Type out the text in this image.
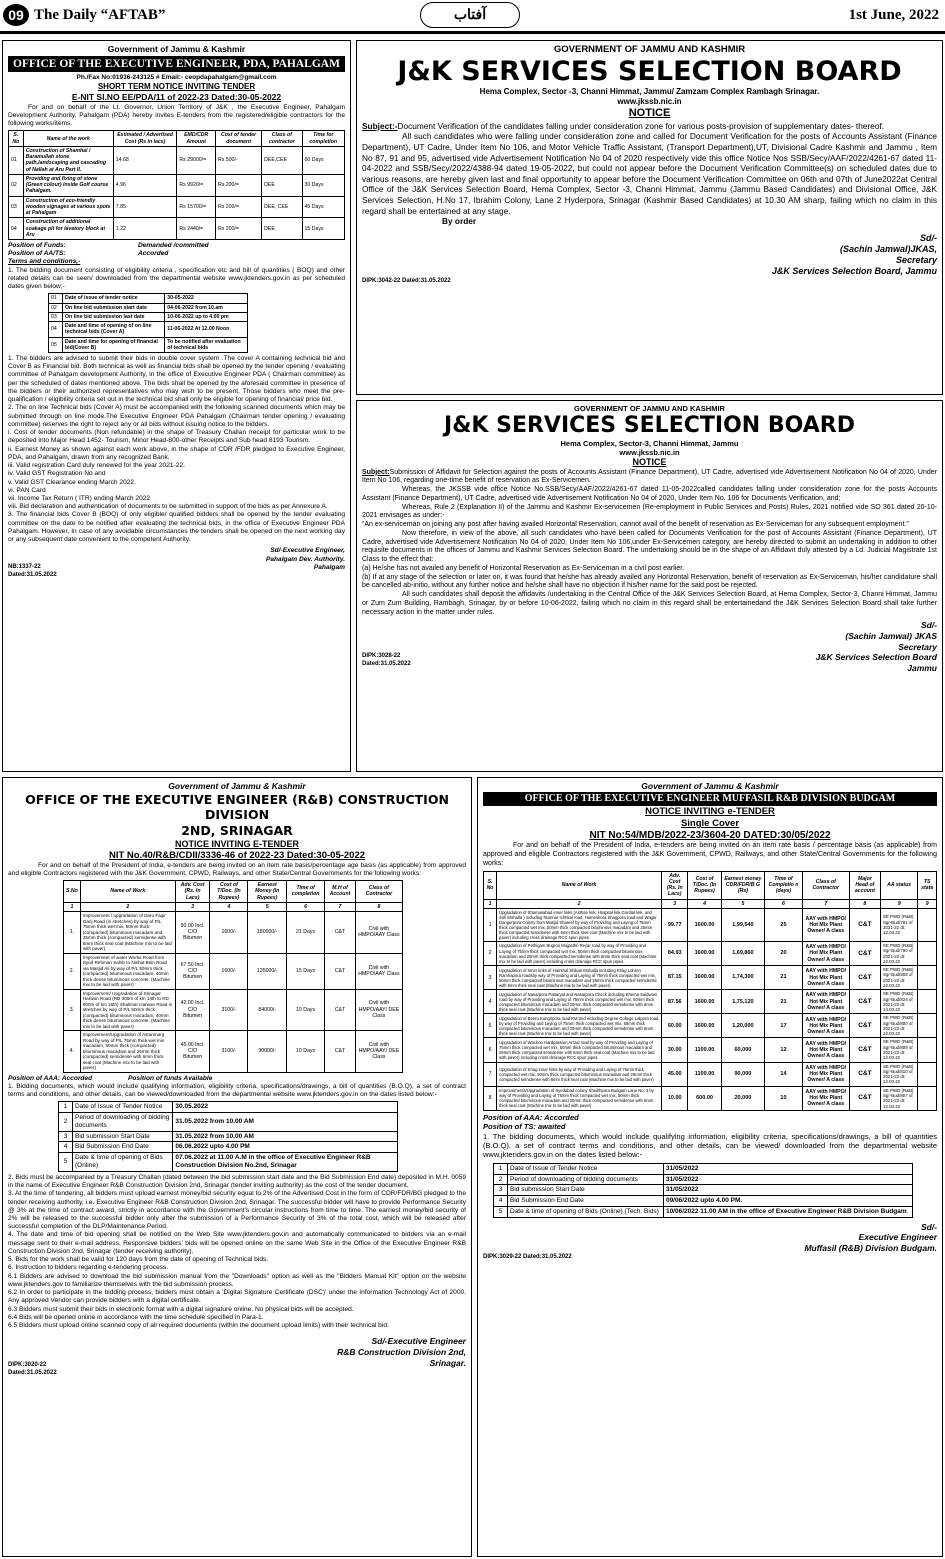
09 The Daily “AFTAB”	آفتاب	1st June, 2022
Government of Jammu & Kashmir
OFFICE OF THE EXECUTIVE ENGINEER, PDA, PAHALGAM
Ph./Fax No:01936-243125 # Email:- ceopdapahalgam@gmail.com
SHORT TERM NOTICE INVITING TENDER
E-NIT Sl.NO EE/PDA/11 of 2022-23 Dated:30-05-2022
For and on behalf of the Lt. Governor, Union Territory of J&K , the Executive Engineer, Pahalgam Development Authority, Pahalgam (PDA) hereby invites E-tenders from the registered/eligible contractors for the following works/items.
S. No	Name of the work	Estimated / Advertised Cost (Rs in lacs)	EMD/CDR Amount	Cost of tender document	Class of contractor	Time for completion
01	Construction of Shamhal / Baramullah stone path,landscaping and cascading of Nallah at Aru Part II.	14.68	Rs 29000/=	Rs 500/-	DEE,CEE	60 Days
02	Providing and fixing of stone (Green colour) inside Golf course Pahalgam.	4.96	Rs 9920/=	Rs 200/=	DEE	30 Days
03	Construction of eco-friendly wooden signages at various spots at Pahalgam	7.85	Rs 15700/=	Rs 200/=	DEE, CEE	45 Days
04	Construction of additional soakage pit for lavatory block at Aru	1.22	Rs 2440/=	Rs 200/=	DEE	15 Days
Position of Funds:	Demanded /committed
Position of AA/TS:	Accorded
Terms and conditions,-
1. The bidding document consisting of eligibility criteria , specification etc and bill of quantities ( BOQ) and other related details can be seen/ downloaded from the departmental website www.jktenders.gov.in as per scheduled dates given below;-
01	Date of issue of tender notice	30-05-2022
02	On line bid submission start date	04-06-2022 from 10.am
03	On line bid submission last date	10-06-2022 up to 4.00 pm
04	Date and time of opening of on line technical bids (Cover A)	11-06-2022 At 12.00 Noon
05	Date and time for opening of financial bid(Cover B)	To be notified after evaluation of technical bids
1. The bidders are advised to submit their bids in double cover system .The cover A containing technical bid and Cover B as Financial bid. Both technical as well as financial bids shall be opened by the tender opening / evaluating committee of Pahalgam development Authority, in the office of Executive Engineer PDA ( Chairman committee) as per the scheduled of dates mentioned above. The bids shall be opened by the aforesaid committee in presence of the bidders or their authorized representatives who may wish to be present. Those bidders who meet the pre-qualification / eligibility criteria set out in the technical bid shall only be eligible for opening of financial/ price bid.
2. The on line Technical bids (Cover A) must be accompanied with the following scanned documents which may be submitted through on line mode.The Executive Engineer PDA Pahalgam (Chairman tender opening / evaluating committee) reserves the right to reject any or all bids without issuing notice to the bidders.
i. Cost of tender documents (Non refundable) in the shape of Treasury Challan /receipt for particular work to be deposited into Major Head 1452- Tourism, Minor Head-800-other Receipts and Sub head 8193 Tourism.
ii. Earnest Money as shown against each work above, in the shape of CDR /FDR pledged to Executive Engineer, PDA, and Pahalgam, drawn from any recognized Bank.
iii. Valid registration Card duly renewed for the year 2021-22.
iv. Valid GST Registration No and
v. Valid GST Clearance ending March 2022.
vi. PAN Card
vii. Income Tax Return ( ITR) ending March 2022
viii. Bid declaration and authentication of documents to be submitted in support of the bids as per Annexure A.
3. The financial bids Cover B (BOQ) of only eligible/ qualified bidders shall be opened by the tender evaluating committee on the date to be notified after evaluating the technical bids, in the office of Executive Engineer PDA Pahalgam. However, In case of any avoidable circumstances the tenders shall be opened on the next working day or any subsequent date convenient to the competent Authority.
Sd/-Executive Engineer,
Pahalgam Dev. Authority.
NB:1337-22
Dated:31.05.2022
Pahalgam
GOVERNMENT OF JAMMU AND KASHMIR
J&K SERVICES SELECTION BOARD
Hema Complex, Sector -3, Channi Himmat, Jammu/ Zamzam Complex Rambagh Srinagar.
www.jkssb.nic.in
NOTICE
Subject:-Document Verification of the candidates falling under consideration zone for various posts-provision of supplementary dates- thereof.
All such candidates who were falling under consideration zone and called for Document Verification for the posts of Accounts Assistant (Finance Department), UT Cadre, Under Item No 106, and Motor Vehicle Traffic Assistant, (Transport Department),UT, Divisional Cadre Kashmir and Jammu , Item No 87, 91 and 95, advertised vide Advertisement Notification No 04 of 2020 respectively vide this office Notice Nos SSB/Secy/AAF/2022/4261-67 dated 11-04-2022 and SSB/Secy/2022/4388-94 dated 19-05-2022, but could not appear before the Document Verification Committee(s) on scheduled dates due to various reasons, are hereby given last and final opportunity to appear before the Document Verification Committee on 06th and 07th of June2022at Central Office of the J&K Services Selection Board, Hema Complex, Sector -3, Channi Himmat, Jammu (Jammu Based Candidates) and Divisional Office, J&K Services Selection, H.No 17, Ibrahim Colony, Lane 2 Hyderpora, Srinagar (Kashmir Based Candidates) at 10.30 AM sharp, failing which no claim in this regard shall be entertained at any stage.
By order
Sd/-
(Sachin Jamwal)JKAS,
Secretary
J&K Services Selection Board, Jammu
DIPK:3042-22 Dated:31.05.2022
GOVERNMENT OF JAMMU AND KASHMIR
J&K SERVICES SELECTION BOARD
Hema Complex, Sector-3, Channi Himmat, Jammu
www.jkssb.nic.in
NOTICE
Subject:Submission of Affidavit for Selection against the posts of Accounts Assistant (Finance Department), UT Cadre, advertised vide Advertisement Notification No 04 of 2020, Under Item No 106, regarding one-time benefit of reservation as Ex-Servicemen.
Whereas, the JKSSB vide office Notice No.SSB/Secy/AAF/2022/4261-67 dated 11-05-2022called candidates falling under consideration zone for the posts Accounts Assistant (Finance Department), UT Cadre, advertised vide Advertisement Notification No 04 of 2020, Under Item No. 106 for Documents Verification, and;
Whereas, Rule 2 (Explanation II) of the Jammu and Kashmir Ex-servicemen (Re-employment in Public Services and Posts) Rules, 2021 notified vide SO 361 dated 20-10-2021 envisages as under:-
“An ex-serviceman on joining any post after having availed Horizontal Reservation, cannot avail of the benefit of reservation as Ex-Serviceman for any subsequent employment.”
Now therefore, in view of the above, all such candidates who have been called for Documents Verification for the post of Accounts Assistant (Finance Department), UT Cadre, advertised vide Advertisement Notification No 04 of 2020, Under Item No 106,under Ex-Servicemen category, are hereby directed to submit an undertaking in addition to other requisite documents in the offices of Jammu and Kashmir Services Selection Board. The undertaking should be in the shape of an Affidavit duly attested by a Ld. Judicial Magistrate 1st Class to the effect that:
(a) He/she has not availed any benefit of Horizontal Reservation as Ex-Serviceman in a civil post earlier.
(b) If at any stage of the selection or later on, it was found that he/she has already availed any Horizontal Reservation, benefit of reservation as Ex-Serviceman, his/her candidature shall be cancelled ab-initio, without any further notice and he/she shall have no objection if his/her name for the said post be rejected.
All such candidates shall deposit the affidavits /undertaking in the Central Office of the J&K Services Selection Board, at Hema Complex, Sector-3, Channi Himmat, Jammu or Zum Zum Building, Rambagh, Srinagar, by or before 10-06-2022, failing which no claim in this regard shall be entertainedand the J&K Services Selection Board shall take further necessary action in the matter under rules.
Sd/-
(Sachin Jamwal) JKAS
Secretary
J&K Services Selection Board
DIPK:3028-22
Dated:31.05.2022	Jammu
Government of Jammu & Kashmir
OFFICE OF THE EXECUTIVE ENGINEER (R&B) CONSTRUCTION DIVISION
2ND, SRINAGAR
NOTICE INVITING E-TENDER
NIT No.40/R&B/CDII/3336-46 of 2022-23 Dated:30-05-2022
For and on behalf of the President of India, e-tenders are being invited on an item rate basis/percentage age basis (as applicable) from approved and eligible Contractors registered with the J&K Government, CPWD, Railways, and other State/Central Governments for the following works:
S.No	Name of Work	Adv. Cost (Rs. In Lacs)	Cost of T/Doc. (In Rupees)	Earnest Money (In Rupees)	Time of completion	M.H of Account	Class of Contractor
1	2	3	4	5	6	7	8
1.	Improvement / upgradation of Daru Faqir Ganj Road (in stretches) by way of P/L 75mm thick wet mix, 50mm thick (compacted) bituminous macadam and 25mm thick (compacted) semidense with 6mm thick seal coat (Machine mix to be laid with paver).	90.00 Incl. C/O Bitumen	1600/-	180000/-	21 Days	C&T	Civil with HMPO/AAY Class
2.	Improvement of water Works Road from Syed Rehman Sahib to Nishat Bein Road via Masjid Ali by way of P/L 50mm thick (compacted) bituminous macadam, 40mm thick dense bituminous concrete. (Machine mix to be laid with paver)	67.50 Incl. C/O Bitumen	1600/-	135000/-	15 Days	C&T	Civil with HMPO/AAY Class
3.	Improvement/ Upgradation of Srinagar Harwan Road (RD 300m of km 14th to RD 600m of km 16th) Shalimar Harwan Road in stretches by way of P/L 50mm thick (compacted) bituminous macadam, 40mm thick dense bituminous concrete. (Machine mix to be laid with paver)	42.00 Incl. C/O Bitumen	3100/-	84000/-	10 Days	C&T	Civil with HMPO/AAY/ DEE Class
4.	Improvement/Upgradation of Astanmarg Road by way of P/L 75mm thick wet mix macadam, 50mm thick (compacted) bituminous macadam and 25mm thick (compacted) semidense with 6mm thick seal coat (Machine mix to be laid with paver)	45.00 Incl. C/O Bitumen	3100/-	90000/-	10 Days	C&T	Civil with HMPO/AAY/ DEE Class
Position of AAA: Accorded	Position of funds Available
1. Bidding documents, which would include qualifying information, eligibility criteria, specifications/drawings, a bill of quantities (B.O.Q), a set of contract terms and conditions, and other details, can be viewed/downloaded from the departmental website www.jktenders.gov.in on the dates listed below:-
1	Date of Issue of Tender Notice	30.05.2022
2	Period of downloading of bidding documents	31.05.2022 from 10.00 AM
3	Bid submission Start Date	31.05.2022 from 10.00 AM
4	Bid Submission End Date	06.06.2022 upto 4.00 PM
5	Date & time of opening of Bids (Online)	07.06.2022 at 11.00 A.M in the office of Executive Engineer R&B Construction Division No.2nd, Srinagar
2. Bids must be accompanied by a Treasury Challan (dated between the bid submission start date and the Bid Submission End date) deposited in M.H. 0059 in the name of Executive Engineer R&B Construction Division 2nd, Srinagar (tender inviting authority) as the cost of the tender document.
3. At the time of tendering, all bidders must upload earnest money/bid security equal to 2% of the Advertised Cost in the form of CDR/FDR/BG pledged to the tender receiving authority, i.e. Executive Engineer R&B Construction Division 2nd, Srinagar. The successful bidder will have to provide Performance Security @ 3% at the time of contract award, strictly in accordance with the Government's circular instructions from time to time. The earnest money/bid security of 2% will be released to the successful bidder only after the submission of a Performance Security of 3% of the total cost, which will be released after successful completion of the DLP/Maintenance Period.
4. The date and time of bid opening shall be notified on the Web Site www.jktenders.gov.in and automatically communicated to bidders via an e-mail message sent to their e-mail address. Responsive bidders' bids will be opened online on the same Web Site in the Office of the Executive Engineer R&B Construction Division 2nd, Srinagar (tender receiving authority).
5. Bids for the work shall be valid for 120 days from the date of opening of Technical bids.
6. Instruction to bidders regarding e-tendering process.
6.1 Bidders are advised to download the bid submission manual from the "Downloads" option as well as the "Bidders Manual Kit" option on the website www.jktenders.gov to familiarize themselves with the bid submission process.
6.2 In order to participate in the bidding process, bidders must obtain a 'Digital Signature Certificate (DSC)' under the Information Technology Act of 2000. Any approved Vendor can provide bidders with a digital certificate.
6.3 Bidders must submit their bids in electronic format with a digital signature online. No physical bids will be accepted.
6.4 Bids will be opened online in accordance with the time schedule specified in Para-1.
6.5 Bidders must upload online scanned copy of all required documents (within the document upload limits) with their technical bid.
Sd/-Executive Engineer
R&B Construction Division 2nd,
DIPK:3020-22
Dated:31.05.2022
Srinagar.
Government of Jammu & Kashmir
OFFICE OF THE EXECUTIVE ENGINEER MUFFASIL R&B DIVISION BUDGAM
NOTICE INVITING e-TENDER
Single Cover
NIT No:54/MDB/2022-23/3604-20 DATED:30/05/2022
For and on behalf of the President of India, e-tenders are being invited on an item rate basis / percentage basis (as applicable) from approved and eligible Contractors registered with the J&K Government, CPWD, Railways, and other State/Central Governments for the following works:
S. No	Name of Work	Adv. Cost (Rs. In Lacs)	Cost of T/Doc. (In Rupees)	Earnest money CDR/FDR/B G (Rs)	Time of Completio n (days)	Class of Contractor	Major Head of account	AA status	TS state
1	2	3	4	5	6	7	8	9	9
1	Upgradation of Shamasabad inner links (Asthan link, Hospital link,Gurdial link, and Sofi Mohalla ) including Numnar Ichhkal road, Hameshora Shagpora road and Wagar Dangerpora Colony from Masjid Shareef by way of Providing and Laying of 75mm thick compacted wet mix, 50mm thick compacted bituminous macadam and 25mm thick compacted semidense with 6mm thick seal coat (Machine mix to be laid with paver) including cross drainage RCC spun pipes.	99.77	1600.00	1,99,540	25	AAY with HMPO/ Hot Mix Plant Owner/ A class	C&T	SE PWD (R&B) Sgr-Bud/781 of 2021-22 dt: 12.03.22	
2	Upgradation of Pethigam Bugroo Mujpathri Reyar road by way of Providing and Laying of 75mm thick compacted wet mix, 50mm thick compacted bituminous macadam and 25mm thick compacted semidense with 6mm thick seal coat (Machine mix to be laid with paver) including cross drainage RCC spun pipes.	84.93	1600.00	1,69,860	20	AAY with HMPO/ Hot Mix Plant Owner/ A class	C&T	SE PWD (R&B) Sgr-Bud/790 of 2021-22 dt: 12.03.22	
3	Upgradation of Inner links of Hamthal Shikari Mohalla including Khag Lohren Ramhapora roadsby way of Providing and Laying of 75mm thick compacted wet mix, 50mm thick compacted bituminous macadam and 25mm thick compacted semidense with 6mm thick seal coat (Machine mix to be laid with paver)	87.15	1600.00	1,74,300	21	AAY with HMPO/ Hot Mix Plant Owner/ A class	C&T	SE PWD (R&B) Sgr-Bud/808 of 2021-22 dt: 12.03.22	
4	Upgradation of Nasarpora Pattaryal and Nasarpora Check including Khema Saidwani road by way of Providing and Laying of 75mm thick compacted wet mix, 50mm thick compacted bituminous macadam and 25mm thick compacted semidense with 6mm thick seal coat (Machine mix to be laid with paver)	87.56	1600.00	1,75,120	21	AAY with HMPO/ Hot Mix Plant Owner/ A class	C&T	SE PWD (R&B) Sgr-Bud/824 of 2021-22 dt: 14.03.22	
5	Upgradation of Beeru Kangripora road KM 2nd including Degree College Lalpora road by way of Providing and Laying of 75mm thick compacted wet mix, 50mm thick compacted bituminous macadam and 25mm thick compacted semidense with 6mm thick seal coat (Machine mix to be laid with paver)	60.00	1600.00	1,20,000	17	AAY with HMPO/ Hot Mix Plant Owner/ A class	C&T	SE PWD (R&B) Sgr-Bud/800 of 2021-22 dt: 12.03.22	
6	Upgradation of Wachoo Hardpassion Arrzal road by way of Providing and Laying of 75mm thick compacted wet mix, 50mm thick compacted bituminous macadam and 25mm thick compacted semidense with 6mm thick seal coat (Machine mix to be laid with paver) including cross drainage RCC spun pipes.	30.00	1100.00	60,000	12	AAY with HMPO/ Hot Mix Plant Owner/ A class	C&T	SE PWD (R&B) Sgr-Bud/809 of 2021-22 dt: 12.03.22	
7	Upgradation of Khag inner links by way of Providing and Laying of 75mm thick compacted wet mix, 50mm thick compacted bituminous macadam and 25mm thick compacted semidense with 6mm thick seal coat (Machine mix to be laid with paver)	45.00	1100.00	90,000	14	AAY with HMPO/ Hot Mix Plant Owner/ A class	C&T	SE PWD (R&B) Sgr-Bud/810 of 2021-22 dt: 12.03.22	
8	Improvements/Upgradation of Syedabad colony Sheikhpora Budgam Lane No: 3 by way of Providing and Laying of 75mm thick compacted wet mix, 50mm thick compacted bituminous macadam and 25mm thick compacted semidense with 6mm thick seal coat (Machine mix to be laid with paver)	10.00	600.00	20,000	10	AAY with HMPO/ Hot Mix Plant Owner/ A class	C&T	SE PWD (R&B) Sgr-Bud/807 of 2021-22 dt: 12.03.22	
Position of AAA: Accorded
Position of TS: awaited
1. The bidding documents, which would include qualifying information, eligibility criteria, specifications/drawings, a bill of quantities (B.O.Q), a set of contract terms and conditions, and other details, can be viewed/ downloaded from the departmental website www.jktenders.gov.in on the dates listed below:-
1	Date of Issue of Tender Notice	31/05/2022
2	Period of downloading of bidding documents	31/05/2022
3	Bid submission Start Date	31/05/2022
4	Bid Submission End Date	09/06/2022 upto 4.00 PM.
5	Date & time of opening of Bids (Online) (Tech. Bids)	10/06/2022 11.00 AM in the office of Executive Engineer R&B Division Budgam
Sd/-
Executive Engineer
Muffasil (R&B) Division Budgam.
DIPK:3029-22 Dated:31.05.2022
